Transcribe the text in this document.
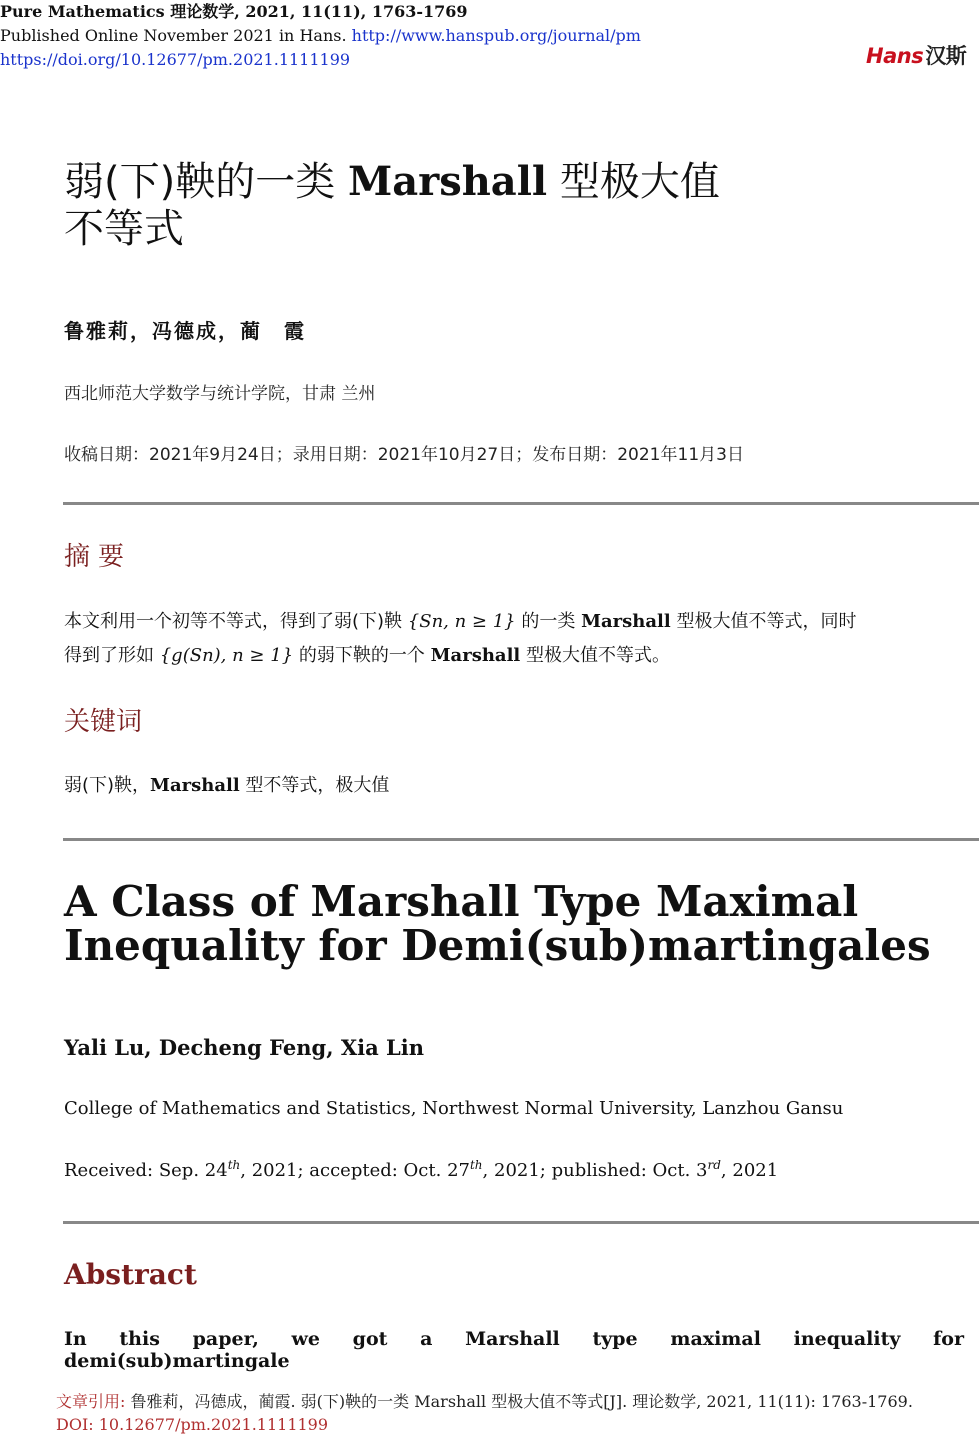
Pure Mathematics 理论数学, 2021, 11(11), 1763-1769
Published Online November 2021 in Hans. http://www.hanspub.org/journal/pm
https://doi.org/10.12677/pm.2021.1111199	Hans汉斯
弱(下)鞅的一类 Marshall 型极大值
不等式
鲁雅莉，冯德成，蔺　霞
西北师范大学数学与统计学院，甘肃 兰州
收稿日期：2021年9月24日；录用日期：2021年10月27日；发布日期：2021年11月3日
摘要
本文利用一个初等不等式，得到了弱(下)鞅 {Sn, n ≥ 1} 的一类 Marshall 型极大值不等式，同时
得到了形如 {g(Sn), n ≥ 1} 的弱下鞅的一个 Marshall 型极大值不等式。
关键词
弱(下)鞅，Marshall 型不等式，极大值
A Class of Marshall Type Maximal
Inequality for Demi(sub)martingales
Yali Lu, Decheng Feng, Xia Lin
College of Mathematics and Statistics, Northwest Normal University, Lanzhou Gansu
Received: Sep. 24th, 2021; accepted: Oct. 27th, 2021; published: Oct. 3rd, 2021
Abstract
In this paper, we got a Marshall type maximal inequality for demi(sub)martingale
文章引用: 鲁雅莉，冯德成，蔺霞. 弱(下)鞅的一类 Marshall 型极大值不等式[J]. 理论数学, 2021, 11(11): 1763-1769. DOI: 10.12677/pm.2021.1111199
